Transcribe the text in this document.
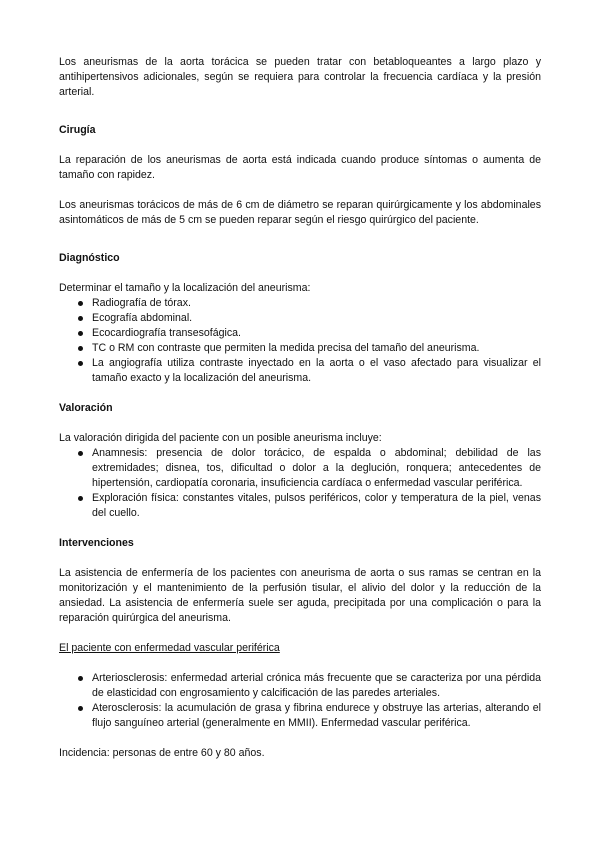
Los aneurismas de la aorta torácica se pueden tratar con betabloqueantes a largo plazo y antihipertensivos adicionales, según se requiera para controlar la frecuencia cardíaca y la presión arterial.

Cirugía

La reparación de los aneurismas de aorta está indicada cuando produce síntomas o aumenta de tamaño con rapidez.

Los aneurismas torácicos de más de 6 cm de diámetro se reparan quirúrgicamente y los abdominales asintomáticos de más de 5 cm se pueden reparar según el riesgo quirúrgico del paciente.

Diagnóstico

Determinar el tamaño y la localización del aneurisma:

Radiografía de tórax.
Ecografía abdominal.
Ecocardiografía transesofágica.
TC o RM con contraste que permiten la medida precisa del tamaño del aneurisma.
La angiografía utiliza contraste inyectado en la aorta o el vaso afectado para visualizar el tamaño exacto y la localización del aneurisma.
Valoración

La valoración dirigida del paciente con un posible aneurisma incluye:

Anamnesis: presencia de dolor torácico, de espalda o abdominal; debilidad de las extremidades; disnea, tos, dificultad o dolor a la deglución, ronquera; antecedentes de hipertensión, cardiopatía coronaria, insuficiencia cardíaca o enfermedad vascular periférica.
Exploración física: constantes vitales, pulsos periféricos, color y temperatura de la piel, venas del cuello.
Intervenciones

La asistencia de enfermería de los pacientes con aneurisma de aorta o sus ramas se centran en la monitorización y el mantenimiento de la perfusión tisular, el alivio del dolor y la reducción de la ansiedad. La asistencia de enfermería suele ser aguda, precipitada por una complicación o para la reparación quirúrgica del aneurisma.

El paciente con enfermedad vascular periférica

Arteriosclerosis: enfermedad arterial crónica más frecuente que se caracteriza por una pérdida de elasticidad con engrosamiento y calcificación de las paredes arteriales.
Aterosclerosis: la acumulación de grasa y fibrina endurece y obstruye las arterias, alterando el flujo sanguíneo arterial (generalmente en MMII). Enfermedad vascular periférica.

Incidencia: personas de entre 60 y 80 años.
